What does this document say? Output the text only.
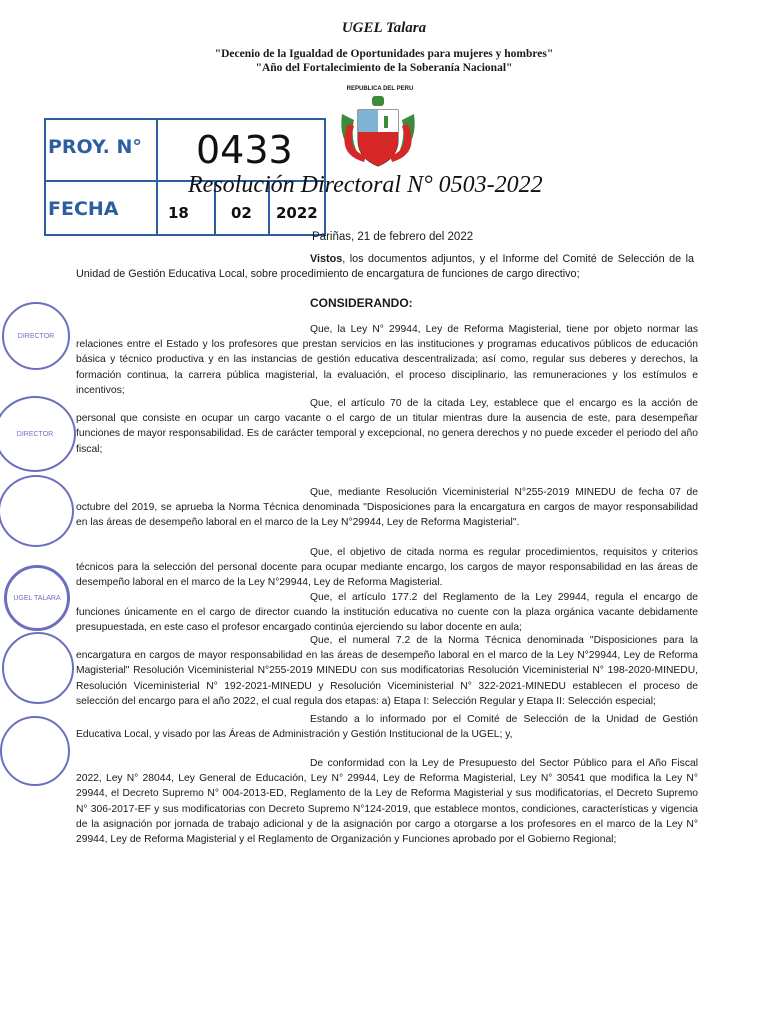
UGEL Talara
"Decenio de la Igualdad de Oportunidades para mujeres y hombres"
"Año del Fortalecimiento de la Soberanía Nacional"
REPUBLICA DEL PERU
PROY. N° 0433
FECHA	18	02 2022
Resolución Directoral N° 0503-2022
Pariñas, 21 de febrero del 2022
Vistos, los documentos adjuntos, y el Informe del Comité de Selección de la Unidad de Gestión Educativa Local, sobre procedimiento de encargatura de funciones de cargo directivo;
CONSIDERANDO:
Que, la Ley N° 29944, Ley de Reforma Magisterial, tiene por objeto normar las relaciones entre el Estado y los profesores que prestan servicios en las instituciones y programas educativos públicos de educación básica y técnico productiva y en las instancias de gestión educativa descentralizada; así como, regular sus deberes y derechos, la formación continua, la carrera pública magisterial, la evaluación, el proceso disciplinario, las remuneraciones y los estímulos e incentivos;
Que, el artículo 70 de la citada Ley, establece que el encargo es la acción de personal que consiste en ocupar un cargo vacante o el cargo de un titular mientras dure la ausencia de este, para desempeñar funciones de mayor responsabilidad. Es de carácter temporal y excepcional, no genera derechos y no puede exceder el periodo del año fiscal;
Que, mediante Resolución Viceministerial N°255-2019 MINEDU de fecha 07 de octubre del 2019, se aprueba la Norma Técnica denominada "Disposiciones para la encargatura en cargos de mayor responsabilidad en las áreas de desempeño laboral en el marco de la Ley N°29944, Ley de Reforma Magisterial".
Que, el objetivo de citada norma es regular procedimientos, requisitos y criterios técnicos para la selección del personal docente para ocupar mediante encargo, los cargos de mayor responsabilidad en las áreas de desempeño laboral en el marco de la Ley N°29944, Ley de Reforma Magisterial.
Que, el artículo 177.2 del Reglamento de la Ley 29944, regula el encargo de funciones únicamente en el cargo de director cuando la institución educativa no cuente con la plaza orgánica vacante debidamente presupuestada, en este caso el profesor encargado continúa ejerciendo su labor docente en aula;
Que, el numeral 7.2 de la Norma Técnica denominada "Disposiciones para la encargatura en cargos de mayor responsabilidad en las áreas de desempeño laboral en el marco de la Ley N°29944, Ley de Reforma Magisterial" Resolución Viceministerial N°255-2019 MINEDU con sus modificatorias Resolución Viceministerial N° 198-2020-MINEDU, Resolución Viceministerial N° 192-2021-MINEDU y Resolución Viceministerial N° 322-2021-MINEDU establecen el proceso de selección del encargo para el año 2022, el cual regula dos etapas: a) Etapa I: Selección Regular y Etapa II: Selección especial;
Estando a lo informado por el Comité de Selección de la Unidad de Gestión Educativa Local, y visado por las Áreas de Administración y Gestión Institucional de la UGEL; y,
De conformidad con la Ley de Presupuesto del Sector Público para el Año Fiscal 2022, Ley N° 28044, Ley General de Educación, Ley N° 29944, Ley de Reforma Magisterial, Ley N° 30541 que modifica la Ley N° 29944, el Decreto Supremo N° 004-2013-ED, Reglamento de la Ley de Reforma Magisterial y sus modificatorias, el Decreto Supremo N° 306-2017-EF y sus modificatorias con Decreto Supremo N°124-2019, que establece montos, condiciones, características y vigencia de la asignación por jornada de trabajo adicional y de la asignación por cargo a otorgarse a los profesores en el marco de la Ley N° 29944, Ley de Reforma Magisterial y el Reglamento de Organización y Funciones aprobado por el Gobierno Regional;
DIRECTOR
DIRECTOR
UGEL TALARA
